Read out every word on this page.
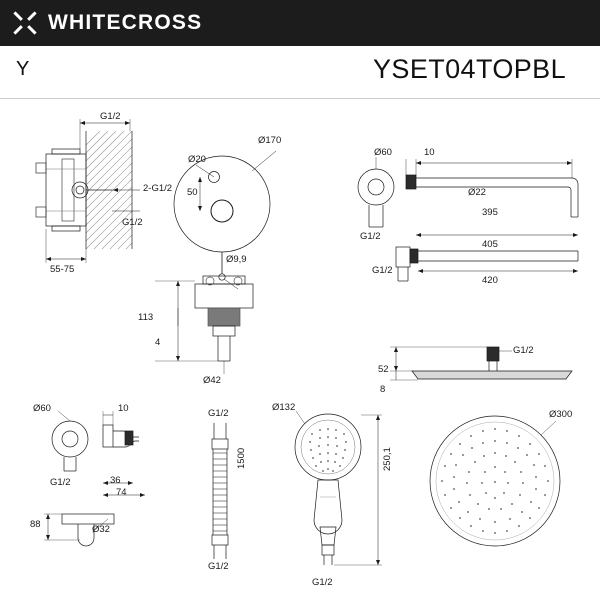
WHITECROSS
Y	YSET04TOPBL
G1/2
2-G1/2
G1/2
55-75
Ø170
Ø20
50
Ø9,9
Ø60	10
Ø22
395
405
420
G1/2
G1/2
113
4
Ø42
52
8
G1/2
Ø60	10
36
74
88	Ø32
G1/2
G1/2
G1/2
1500
Ø132
250,1
G1/2
Ø300
